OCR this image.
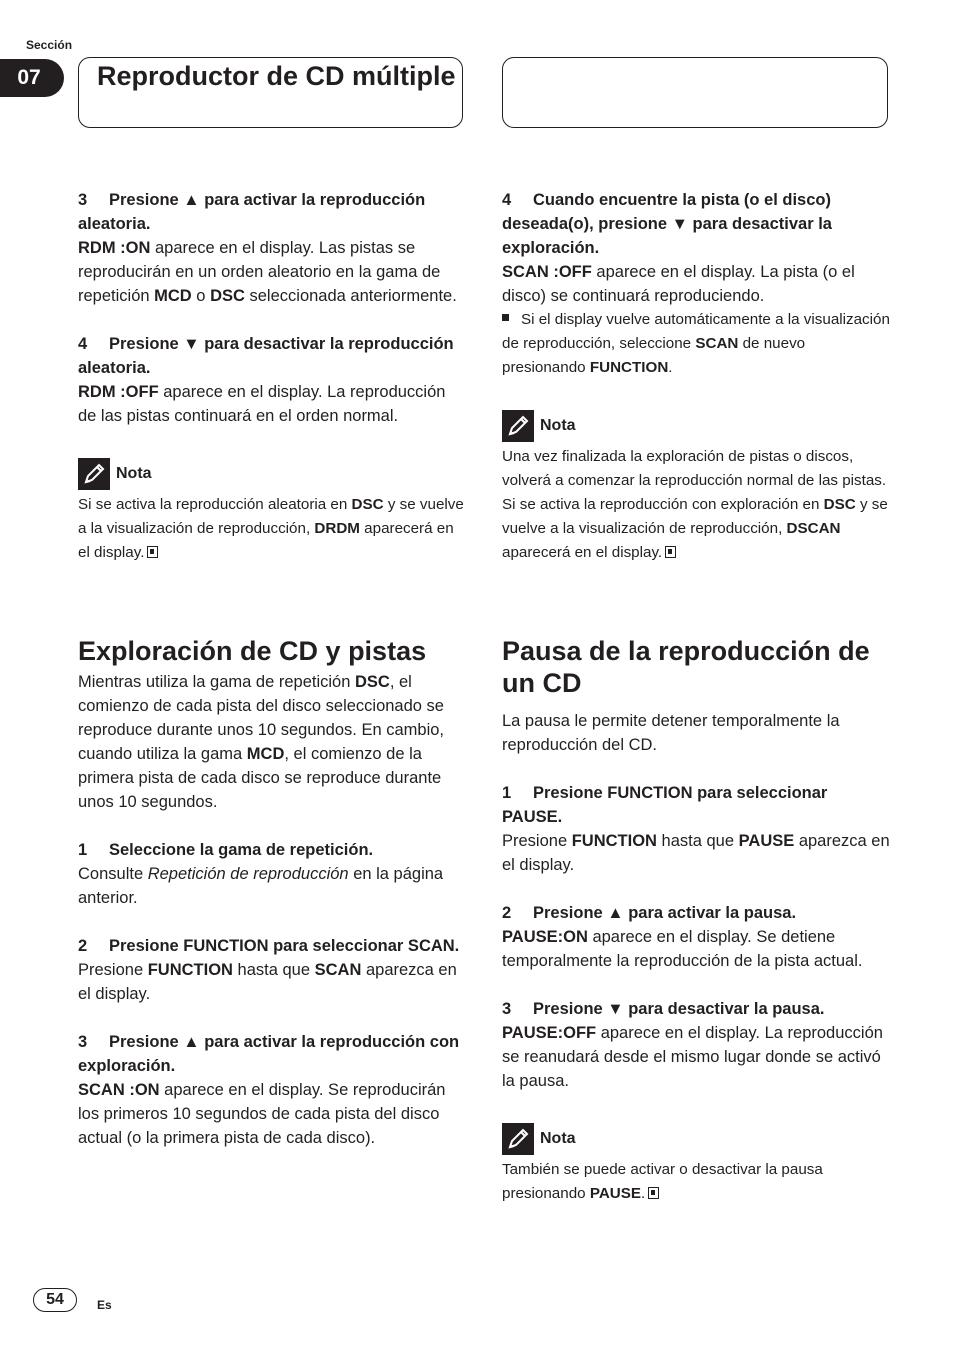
Sección
07	Reproductor de CD múltiple

3 Presione ▲ para activar la reproducción aleatoria.

RDM :ON aparece en el display. Las pistas se reproducirán en un orden aleatorio en la gama de repetición MCD o DSC seleccionada anteriormente.

4 Presione ▼ para desactivar la reproducción aleatoria.

RDM :OFF aparece en el display. La reproducción de las pistas continuará en el orden normal.

Nota

Si se activa la reproducción aleatoria en DSC y se vuelve a la visualización de reproducción, DRDM aparecerá en el display.

Exploración de CD y pistas

Mientras utiliza la gama de repetición DSC, el comienzo de cada pista del disco seleccionado se reproduce durante unos 10 segundos. En cambio, cuando utiliza la gama MCD, el comienzo de la primera pista de cada disco se reproduce durante unos 10 segundos.

1 Seleccione la gama de repetición.

Consulte Repetición de reproducción en la página anterior.

2 Presione FUNCTION para seleccionar SCAN.

Presione FUNCTION hasta que SCAN aparezca en el display.

3 Presione ▲ para activar la reproducción con exploración.

SCAN :ON aparece en el display. Se reproducirán los primeros 10 segundos de cada pista del disco actual (o la primera pista de cada disco).

4 Cuando encuentre la pista (o el disco) deseada(o), presione ▼ para desactivar la exploración.

SCAN :OFF aparece en el display. La pista (o el disco) se continuará reproduciendo.

Si el display vuelve automáticamente a la visualización de reproducción, seleccione SCAN de nuevo presionando FUNCTION.

Nota

Una vez finalizada la exploración de pistas o discos, volverá a comenzar la reproducción normal de las pistas.

Si se activa la reproducción con exploración en DSC y se vuelve a la visualización de reproducción, DSCAN aparecerá en el display.

Pausa de la reproducción de un CD

La pausa le permite detener temporalmente la reproducción del CD.

1 Presione FUNCTION para seleccionar PAUSE.

Presione FUNCTION hasta que PAUSE aparezca en el display.

2 Presione ▲ para activar la pausa.

PAUSE:ON aparece en el display. Se detiene temporalmente la reproducción de la pista actual.

3 Presione ▼ para desactivar la pausa.

PAUSE:OFF aparece en el display. La reproducción se reanudará desde el mismo lugar donde se activó la pausa.

Nota

También se puede activar o desactivar la pausa presionando PAUSE.

54	Es
